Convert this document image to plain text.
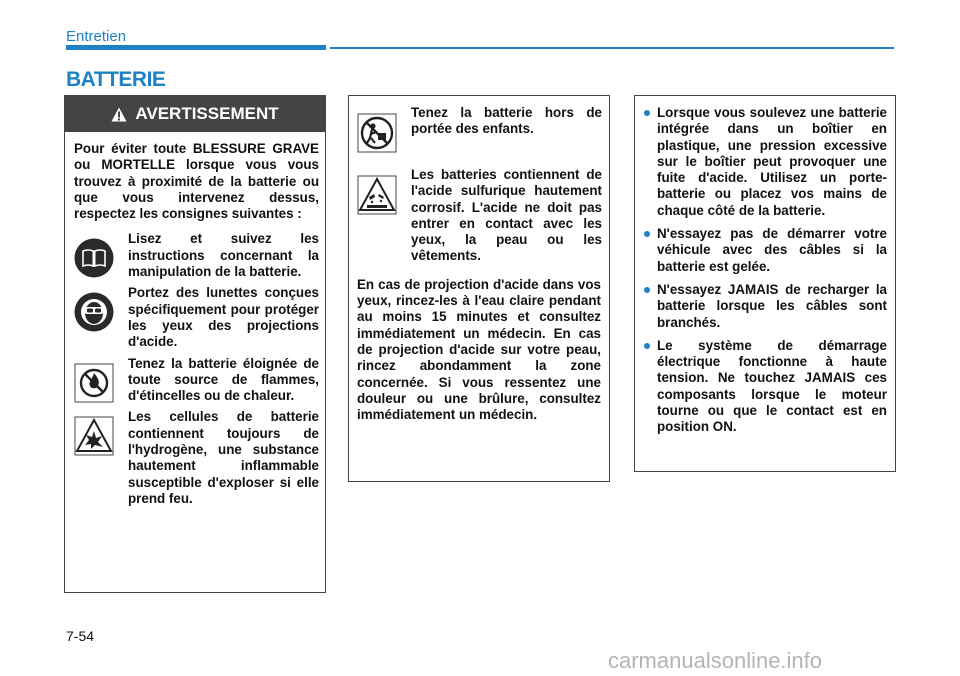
Entretien
BATTERIE
AVERTISSEMENT

Pour éviter toute BLESSURE GRAVE ou MORTELLE lorsque vous vous trouvez à proximité de la batterie ou que vous intervenez dessus, respectez les consignes suivantes :

Lisez et suivez les instructions concernant la manipulation de la batterie.

Portez des lunettes conçues spécifiquement pour protéger les yeux des projections d'acide.

Tenez la batterie éloignée de toute source de flammes, d'étincelles ou de chaleur.

Les cellules de batterie contiennent toujours de l'hydrogène, une substance hautement inflammable susceptible d'exploser si elle prend feu.

Tenez la batterie hors de portée des enfants.

Les batteries contiennent de l'acide sulfurique hautement corrosif. L'acide ne doit pas entrer en contact avec les yeux, la peau ou les vêtements.

En cas de projection d'acide dans vos yeux, rincez-les à l'eau claire pendant au moins 15 minutes et consultez immédiatement un médecin. En cas de projection d'acide sur votre peau, rincez abondamment la zone concernée. Si vous ressentez une douleur ou une brûlure, consultez immédiatement un médecin.

Lorsque vous soulevez une batterie intégrée dans un boîtier en plastique, une pression excessive sur le boîtier peut provoquer une fuite d'acide. Utilisez un porte-batterie ou placez vos mains de chaque côté de la batterie.
N'essayez pas de démarrer votre véhicule avec des câbles si la batterie est gelée.
N'essayez JAMAIS de recharger la batterie lorsque les câbles sont branchés.
Le système de démarrage électrique fonctionne à haute tension. Ne touchez JAMAIS ces composants lorsque le moteur tourne ou que le contact est en position ON.
7-54
carmanualsonline.info
